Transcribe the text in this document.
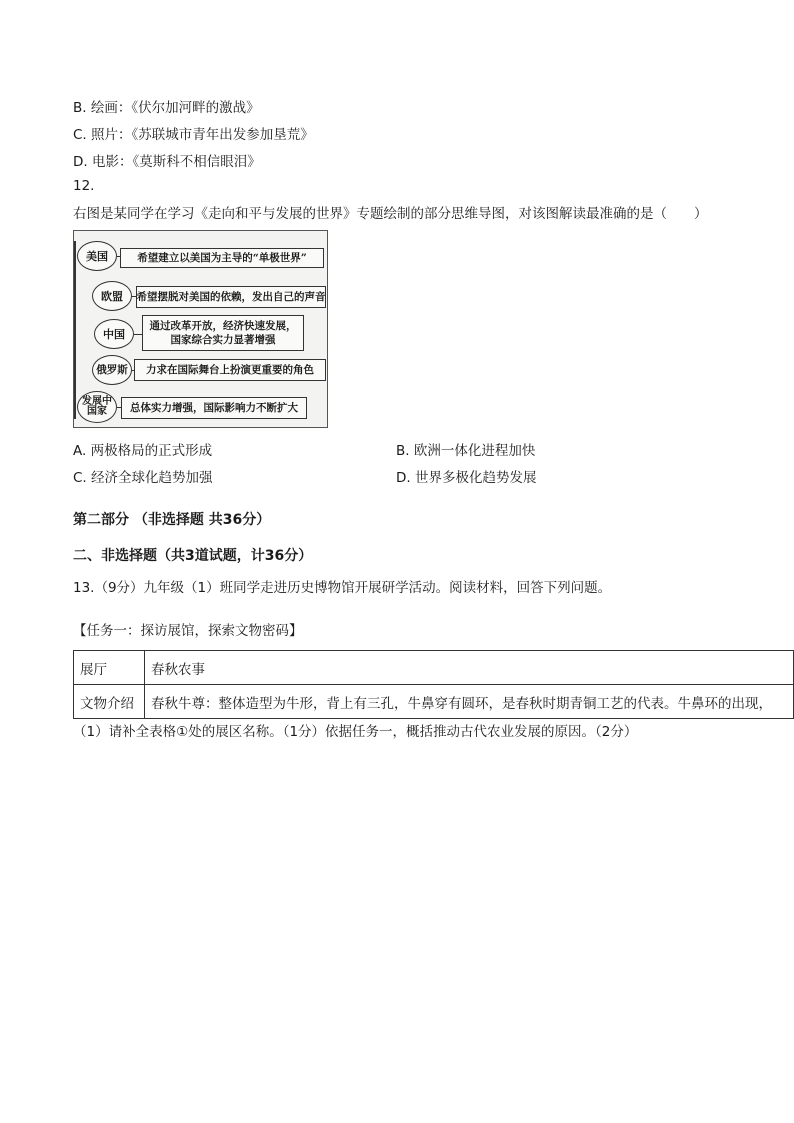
B. 绘画：《伏尔加河畔的激战》
C. 照片：《苏联城市青年出发参加垦荒》
D. 电影：《莫斯科不相信眼泪》
12.
右图是某同学在学习《走向和平与发展的世界》专题绘制的部分思维导图，对该图解读最准确的是（　　）
美国	希望建立以美国为主导的“单极世界”
欧盟	希望摆脱对美国的依赖，发出自己的声音
中国
通过改革开放，经济快速发展，
国家综合实力显著增强
俄罗斯	力求在国际舞台上扮演更重要的角色
发展中
国家	总体实力增强，国际影响力不断扩大
A. 两极格局的正式形成	B. 欧洲一体化进程加快
C. 经济全球化趋势加强	D. 世界多极化趋势发展
第二部分 （非选择题 共36分）
二、非选择题（共3道试题，计36分）
13.（9分）九年级（1）班同学走进历史博物馆开展研学活动。阅读材料，回答下列问题。
【任务一：探访展馆，探索文物密码】
展厅	春秋农事
文物介绍	春秋牛尊：整体造型为牛形，背上有三孔，牛鼻穿有圆环，是春秋时期青铜工艺的代表。牛鼻环的出现，
（1）请补全表格①处的展区名称。（1分）依据任务一，概括推动古代农业发展的原因。（2分）
